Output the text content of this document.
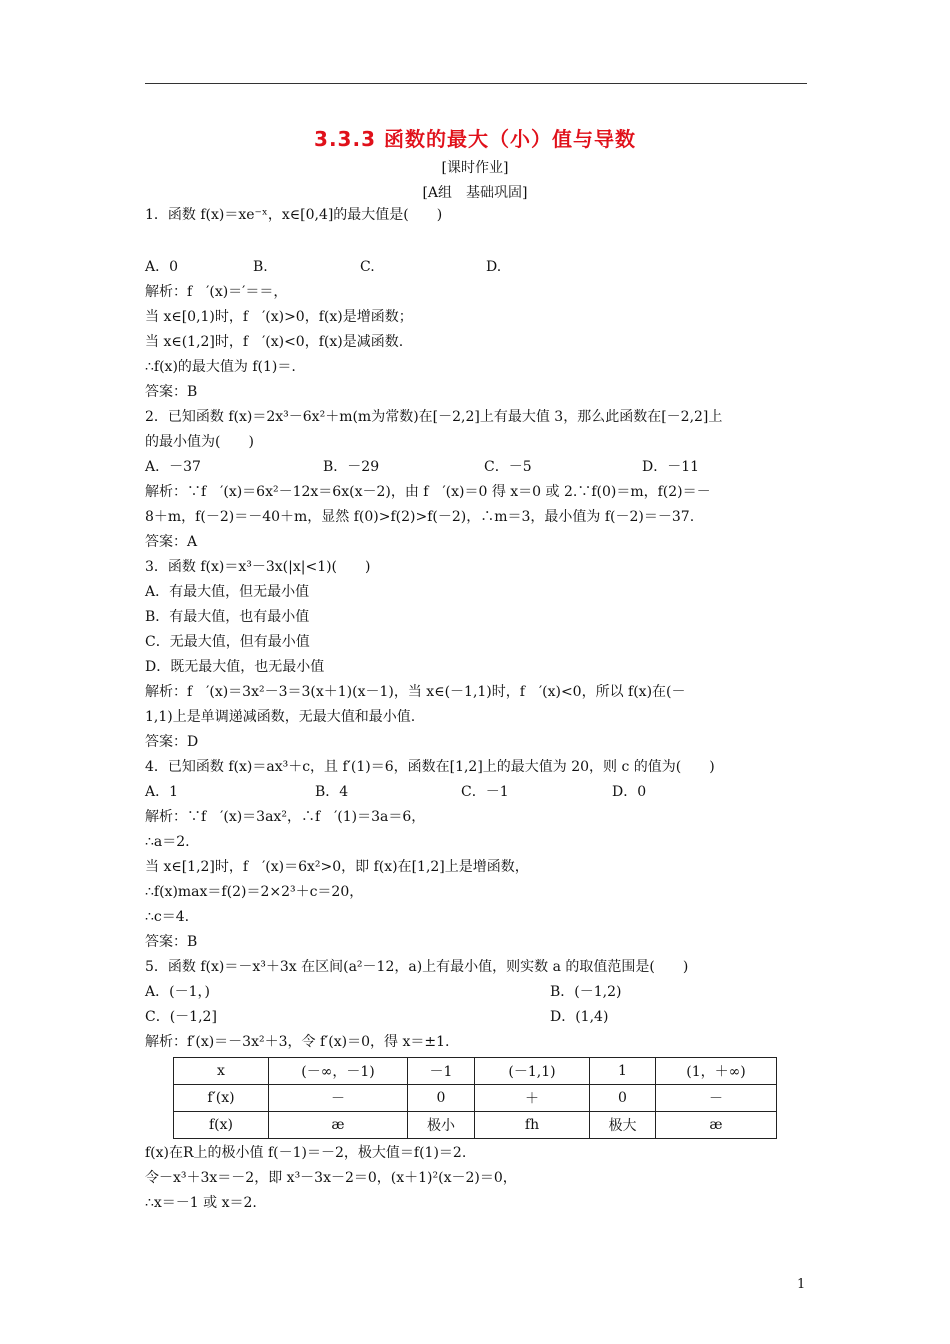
3.3.3 函数的最大（小）值与导数
[课时作业]
[A组　基础巩固]
1．函数 f(x)＝xe⁻ˣ，x∈[0,4]的最大值是(　　)

A．0

	B.

	C.

	D.

解析：f　′(x)＝′＝＝，
当 x∈[0,1)时，f　′(x)>0，f(x)是增函数；
当 x∈(1,2]时，f　′(x)<0，f(x)是减函数.
∴f(x)的最大值为 f(1)＝.
答案：B
2．已知函数 f(x)＝2x³－6x²＋m(m为常数)在[－2,2]上有最大值 3，那么此函数在[－2,2]上
的最小值为(　　)

A．－37

	B．－29

	C．－5

	D．－11

解析：∵f　′(x)＝6x²－12x＝6x(x－2)，由 f　′(x)＝0 得 x＝0 或 2.∵f(0)＝m，f(2)＝－
8＋m，f(－2)＝－40＋m，显然 f(0)>f(2)>f(－2)，∴m＝3，最小值为 f(－2)＝－37.
答案：A
3．函数 f(x)＝x³－3x(|x|<1)(　　)
A．有最大值，但无最小值
B．有最大值，也有最小值
C．无最大值，但有最小值
D．既无最大值，也无最小值
解析：f　′(x)＝3x²－3＝3(x＋1)(x－1)，当 x∈(－1,1)时，f　′(x)<0，所以 f(x)在(－
1,1)上是单调递减函数，无最大值和最小值.
答案：D
4．已知函数 f(x)＝ax³＋c，且 f′(1)＝6，函数在[1,2]上的最大值为 20，则 c 的值为(　　)

A．1

	B．4

	C．－1

	D．0

解析：∵f　′(x)＝3ax²，∴f　′(1)＝3a＝6，
∴a＝2.
当 x∈[1,2]时，f　′(x)＝6x²>0，即 f(x)在[1,2]上是增函数，
∴f(x)max＝f(2)＝2×2³＋c＝20，
∴c＝4.
答案：B
5．函数 f(x)＝－x³＋3x 在区间(a²－12，a)上有最小值，则实数 a 的取值范围是(　　)

A．(－1，)

	B．(－1,2)

C．(－1,2]

	D．(1,4)

解析：f′(x)＝－3x²＋3，令 f′(x)＝0，得 x＝±1.
x	(－∞，－1)	－1	(－1,1)	1	(1，＋∞)
f′(x)	－	0	＋	0	－
f(x)	æ	极小	fh	极大	æ
f(x)在R上的极小值 f(－1)＝－2，极大值＝f(1)＝2.
令－x³＋3x＝－2，即 x³－3x－2＝0，(x＋1)²(x－2)＝0，
∴x＝－1 或 x＝2.
1
